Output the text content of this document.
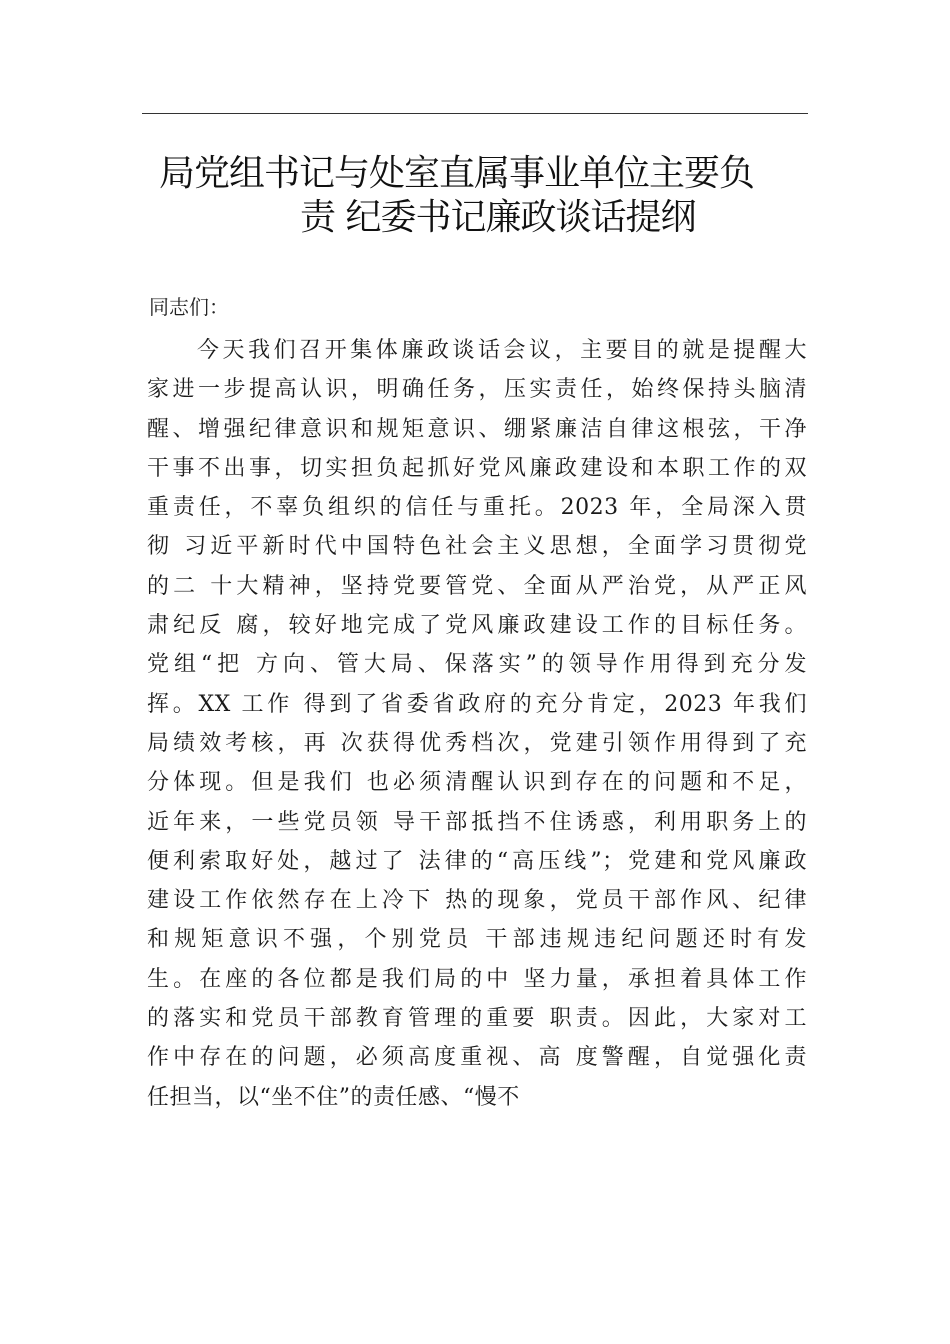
局党组书记与处室直属事业单位主要负
责 纪委书记廉政谈话提纲

同志们：

今天我们召开集体廉政谈话会议，主要目的就是提醒大
家进一步提高认识，明确任务，压实责任，始终保持头脑清
醒、增强纪律意识和规矩意识、绷紧廉洁自律这根弦，干净
干事不出事，切实担负起抓好党风廉政建设和本职工作的双
重责任，不辜负组织的信任与重托。2023 年，全局深入贯
彻 习近平新时代中国特色社会主义思想，全面学习贯彻党
的二 十大精神，坚持党要管党、全面从严治党，从严正风
肃纪反 腐，较好地完成了党风廉政建设工作的目标任务。
党组“把 方向、管大局、保落实”的领导作用得到充分发
挥。XX 工作 得到了省委省政府的充分肯定，2023 年我们
局绩效考核，再 次获得优秀档次，党建引领作用得到了充
分体现。但是我们 也必须清醒认识到存在的问题和不足，
近年来，一些党员领 导干部抵挡不住诱惑，利用职务上的
便利索取好处，越过了 法律的“高压线”；党建和党风廉政
建设工作依然存在上冷下 热的现象，党员干部作风、纪律
和规矩意识不强，个别党员 干部违规违纪问题还时有发
生。在座的各位都是我们局的中 坚力量，承担着具体工作
的落实和党员干部教育管理的重要 职责。因此，大家对工
作中存在的问题，必须高度重视、高 度警醒，自觉强化责
任担当，以“坐不住”的责任感、“慢不
